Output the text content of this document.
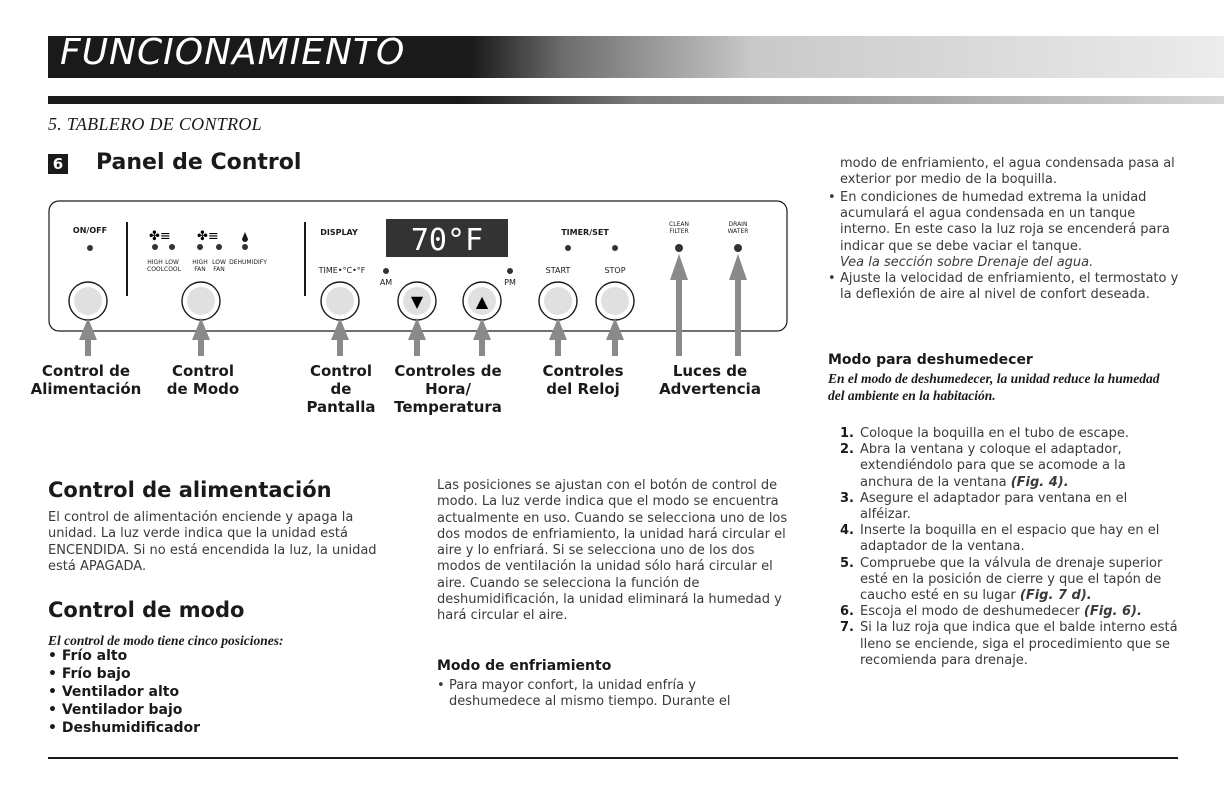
FUNCIONAMIENTO
5. TABLERO DE CONTROL
6 Panel de Control
✤≡ ✤≡	70°F
▼	▲
ON/OFF
HIGH COOL
LOW COOL
HIGH FAN
LOW FAN
DEHUMIDIFY
DISPLAY
TIME•°C•°F
AM	PM
TIMER/SET
START	STOP
CLEAN FILTER
DRAIN WATER
Control de Alimentación
Control de Modo
Control de Pantalla
Controles de Hora/ Temperatura
Controles del Reloj
Luces de Advertencia
Control de alimentación
El control de alimentación enciende y apaga la unidad. La luz verde indica que la unidad está ENCENDIDA. Si no está encendida la luz, la unidad está APAGADA.
Control de modo
El control de modo tiene cinco posiciones:
• Frío alto
• Frío bajo
• Ventilador alto
• Ventilador bajo
• Deshumidificador
Las posiciones se ajustan con el botón de control de modo. La luz verde indica que el modo se encuentra actualmente en uso. Cuando se selecciona uno de los dos modos de enfriamiento, la unidad hará circular el aire y lo enfriará. Si se selecciona uno de los dos modos de ventilación la unidad sólo hará circular el aire. Cuando se selecciona la función de deshumidificación, la unidad eliminará la humedad y hará circular el aire.
Modo de enfriamiento
• Para mayor confort, la unidad enfría y deshumedece al mismo tiempo. Durante el
modo de enfriamiento, el agua condensada pasa al exterior por medio de la boquilla.
• En condiciones de humedad extrema la unidad acumulará el agua condensada en un tanque interno. En este caso la luz roja se encenderá para indicar que se debe vaciar el tanque.
Vea la sección sobre Drenaje del agua.
• Ajuste la velocidad de enfriamiento, el termostato y la deflexión de aire al nivel de confort deseada.
Modo para deshumedecer
En el modo de deshumedecer, la unidad reduce la humedad del ambiente en la habitación.
1. Coloque la boquilla en el tubo de escape.
2. Abra la ventana y coloque el adaptador, extendiéndolo para que se acomode a la anchura de la ventana (Fig. 4).
3. Asegure el adaptador para ventana en el alféizar.
4. Inserte la boquilla en el espacio que hay en el adaptador de la ventana.
5. Compruebe que la válvula de drenaje superior esté en la posición de cierre y que el tapón de caucho esté en su lugar (Fig. 7 d).
6. Escoja el modo de deshumedecer (Fig. 6).
7. Si la luz roja que indica que el balde interno está lleno se enciende, siga el procedimiento que se recomienda para drenaje.
